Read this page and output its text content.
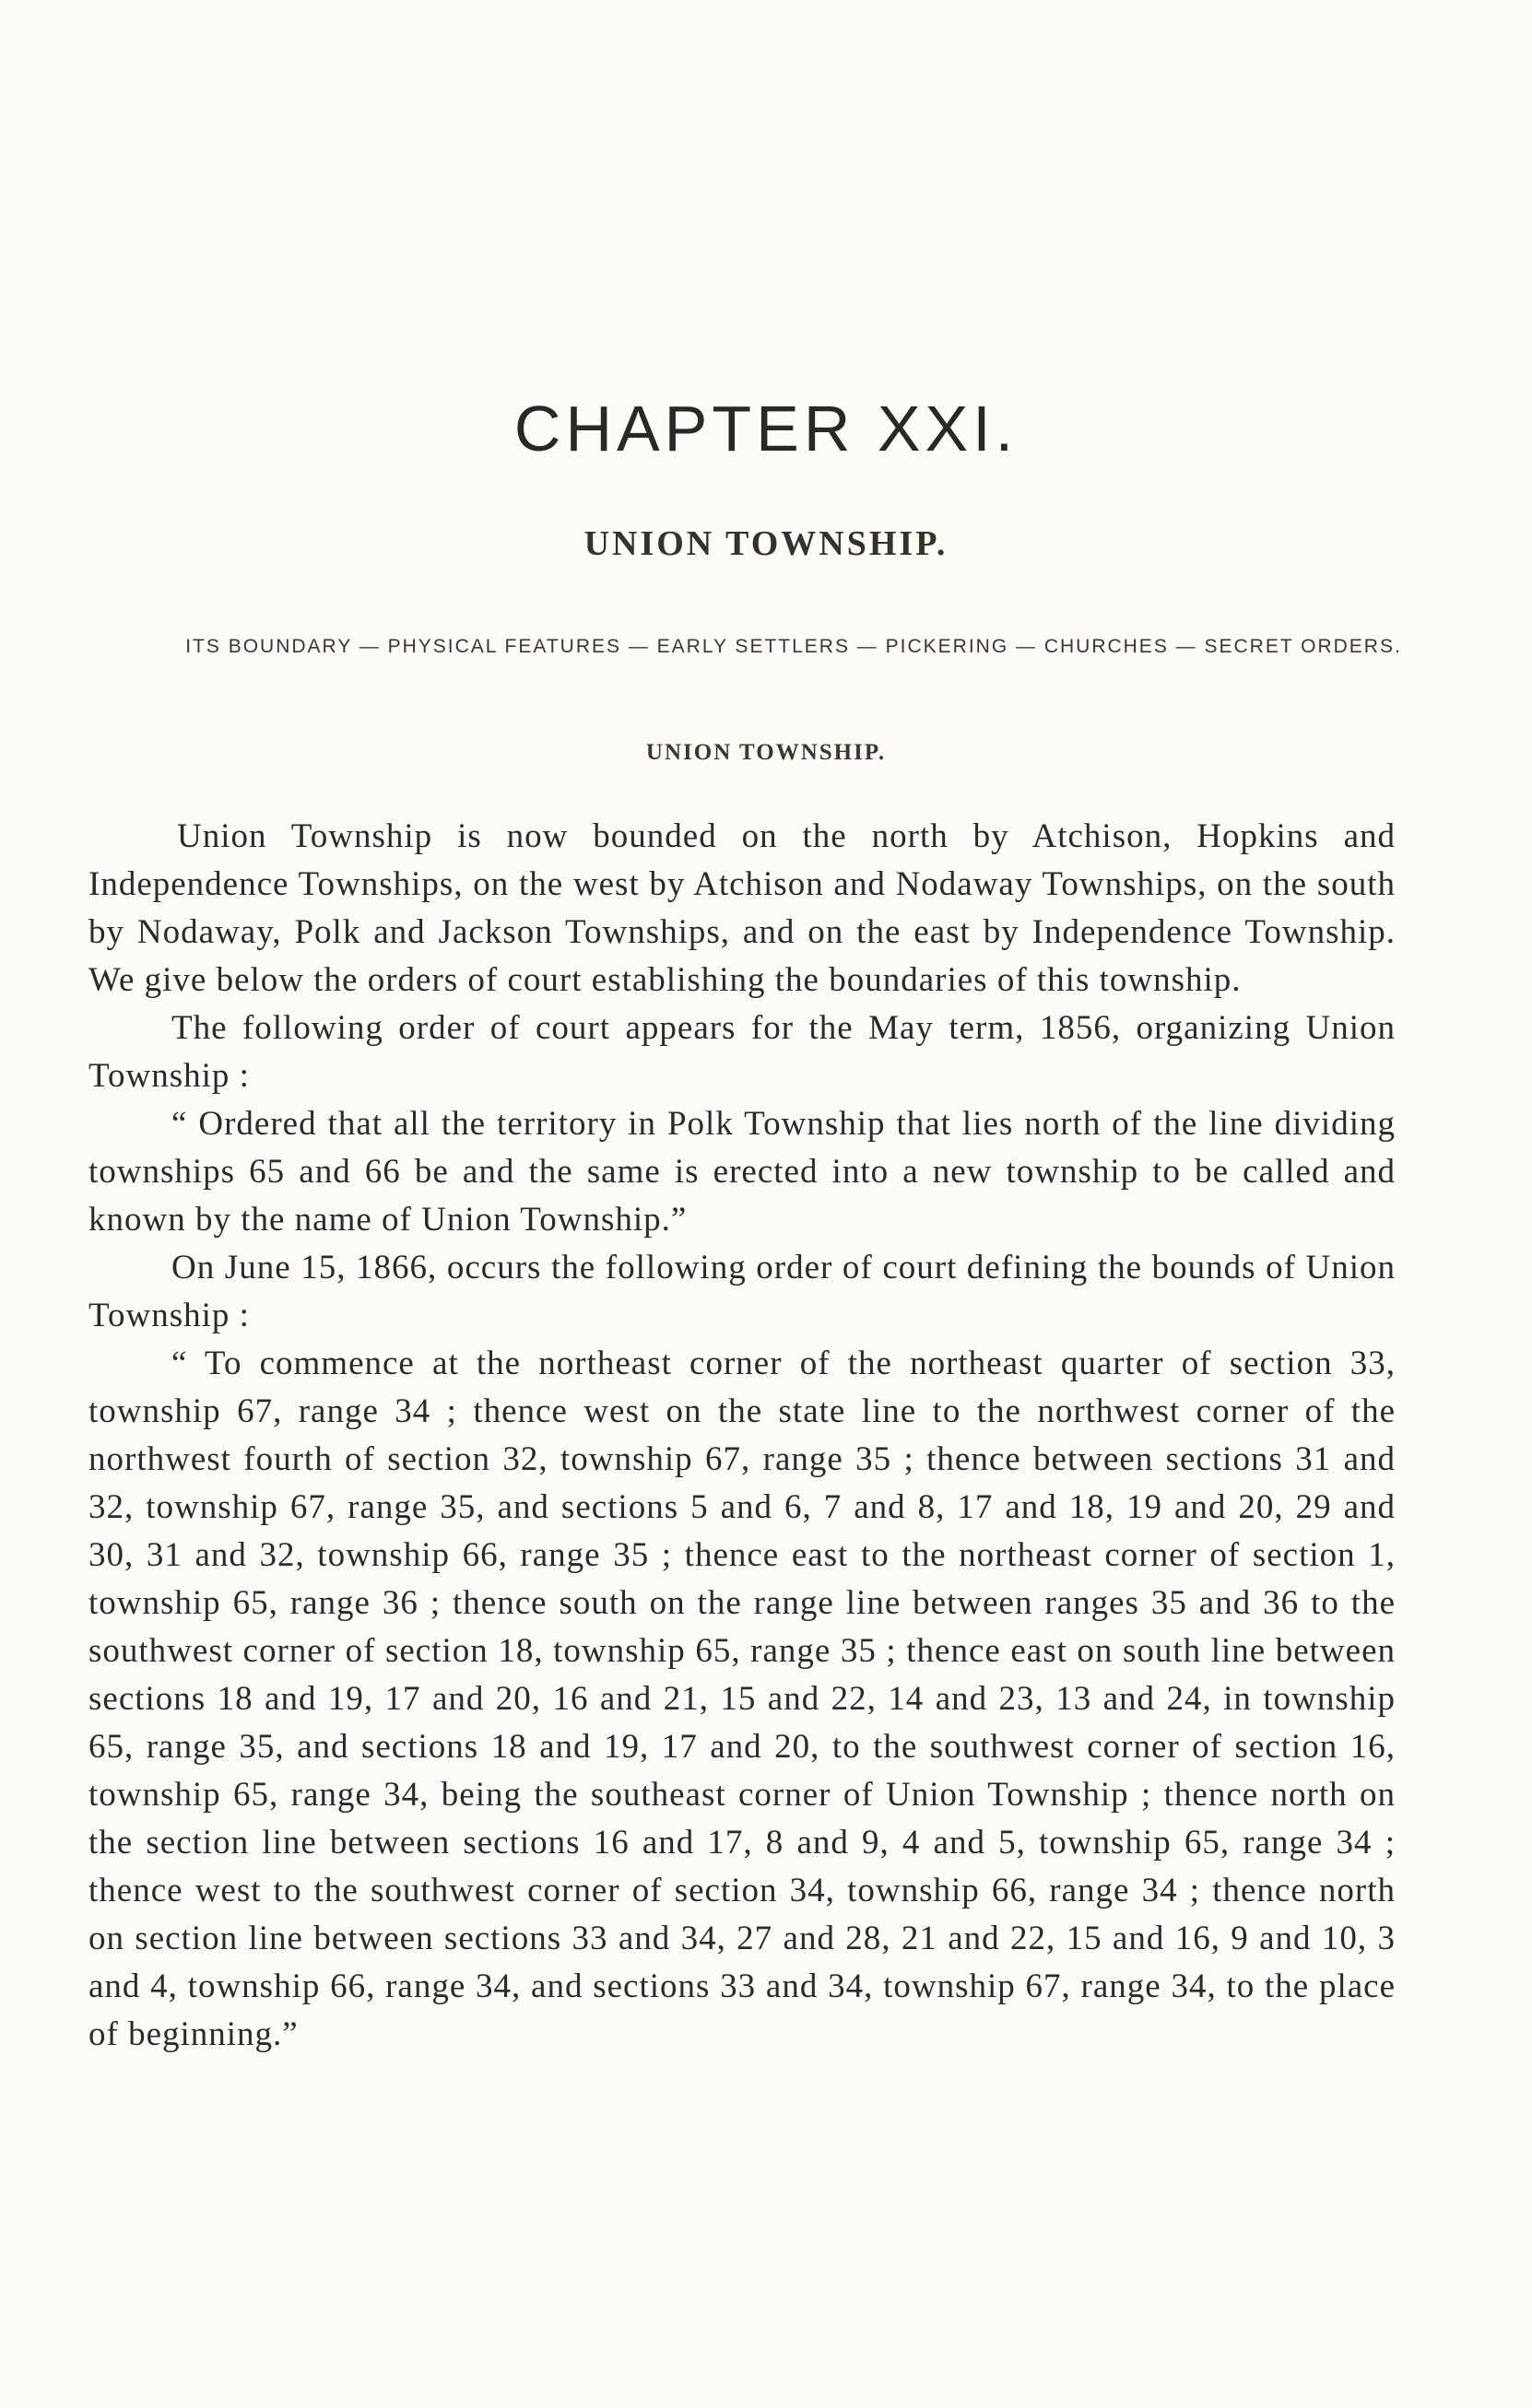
CHAPTER XXI.
UNION TOWNSHIP.

ITS BOUNDARY — PHYSICAL FEATURES — EARLY SETTLERS — PICKERING — CHURCHES — SECRET ORDERS.

UNION TOWNSHIP.

Union Township is now bounded on the north by Atchison, Hopkins and Independence Townships, on the west by Atchison and Nodaway Townships, on the south by Nodaway, Polk and Jackson Townships, and on the east by Independence Township. We give below the orders of court establishing the boundaries of this township.

The following order of court appears for the May term, 1856, organizing Union Township :

“ Ordered that all the territory in Polk Township that lies north of the line dividing townships 65 and 66 be and the same is erected into a new township to be called and known by the name of Union Township.”

On June 15, 1866, occurs the following order of court defining the bounds of Union Township :

“ To commence at the northeast corner of the northeast quarter of section 33, township 67, range 34 ; thence west on the state line to the northwest corner of the northwest fourth of section 32, township 67, range 35 ; thence between sections 31 and 32, township 67, range 35, and sections 5 and 6, 7 and 8, 17 and 18, 19 and 20, 29 and 30, 31 and 32, township 66, range 35 ; thence east to the northeast corner of section 1, township 65, range 36 ; thence south on the range line between ranges 35 and 36 to the southwest corner of section 18, township 65, range 35 ; thence east on south line between sections 18 and 19, 17 and 20, 16 and 21, 15 and 22, 14 and 23, 13 and 24, in township 65, range 35, and sections 18 and 19, 17 and 20, to the southwest corner of section 16, township 65, range 34, being the southeast corner of Union Township ; thence north on the section line between sections 16 and 17, 8 and 9, 4 and 5, township 65, range 34 ; thence west to the southwest corner of section 34, township 66, range 34 ; thence north on section line between sections 33 and 34, 27 and 28, 21 and 22, 15 and 16, 9 and 10, 3 and 4, township 66, range 34, and sections 33 and 34, township 67, range 34, to the place of beginning.”
